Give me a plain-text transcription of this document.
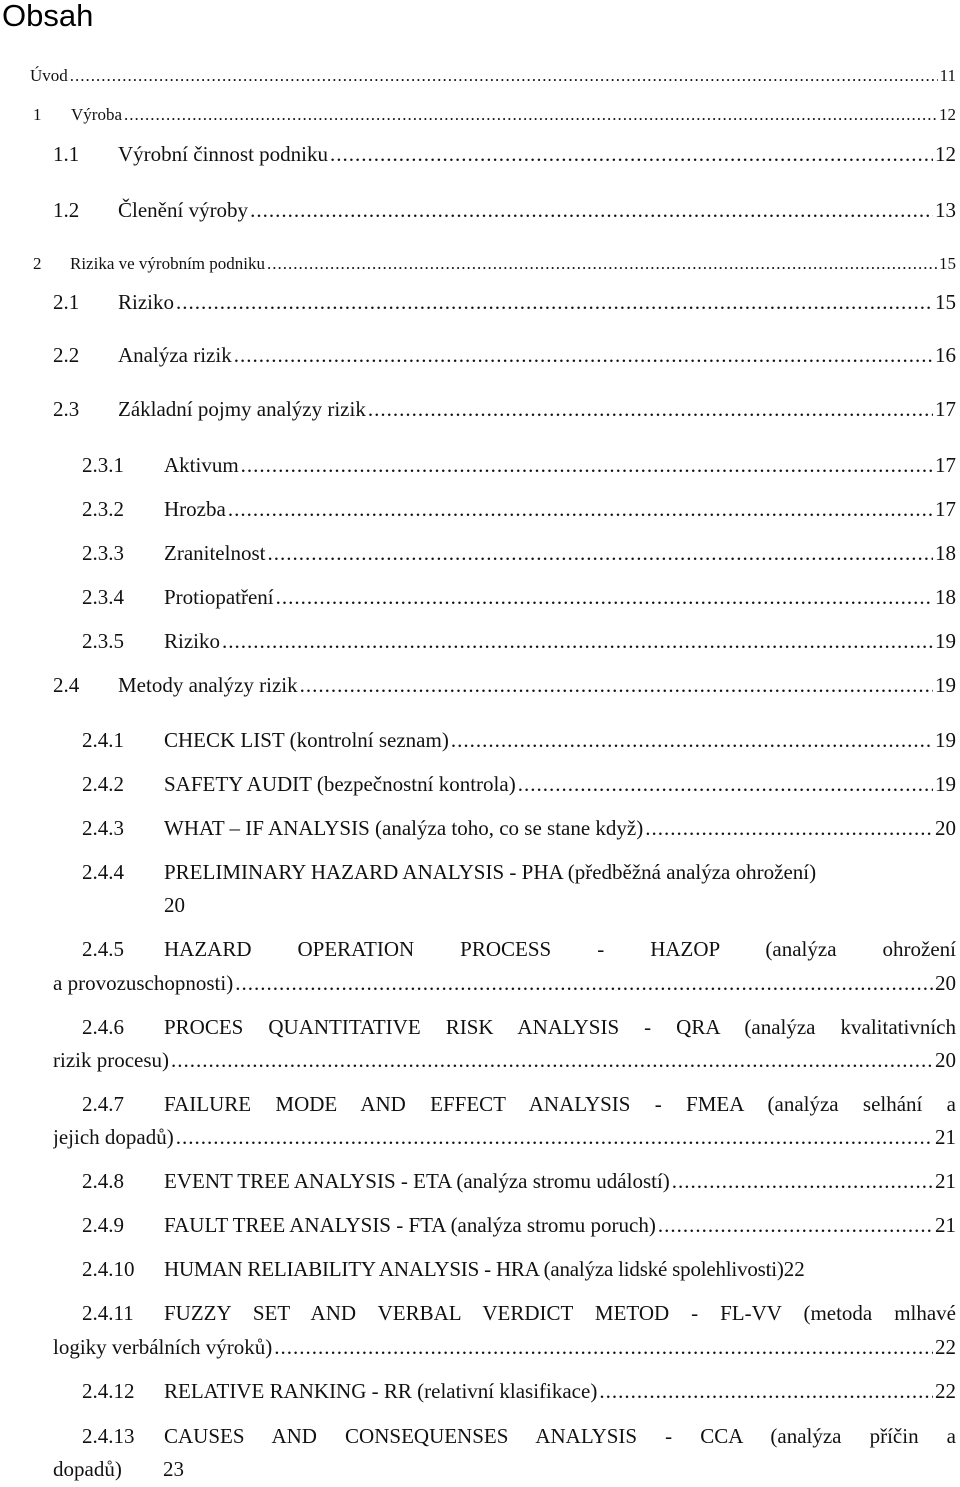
Obsah
Úvod .....	11
1	Výroba .....	12
1.1	Výrobní činnost podniku .....	12
1.2	Členění výroby .....	13
2	Rizika ve výrobním podniku .....	15
2.1	Riziko .....	15
2.2	Analýza rizik .....	16
2.3	Základní pojmy analýzy rizik .....	17
2.3.1	Aktivum .....	17
2.3.2	Hrozba .....	17
2.3.3	Zranitelnost .....	18
2.3.4	Protiopatření .....	18
2.3.5	Riziko .....	19
2.4	Metody analýzy rizik .....	19
2.4.1	CHECK LIST (kontrolní seznam) .....	19
2.4.2	SAFETY AUDIT (bezpečnostní kontrola) .....	19
2.4.3	WHAT – IF ANALYSIS (analýza toho, co se stane když) .....	20
2.4.4	PRELIMINARY HAZARD ANALYSIS - PHA (předběžná analýza ohrožení)
20
2.4.5	HAZARD OPERATION PROCESS - HAZOP (analýza ohrožení
a provozuschopnosti) .....	20
2.4.6	PROCES QUANTITATIVE RISK ANALYSIS - QRA (analýza kvalitativních
rizik procesu) .....	20
2.4.7	FAILURE MODE AND EFFECT ANALYSIS - FMEA (analýza selhání a
jejich dopadů) .....	21
2.4.8	EVENT TREE ANALYSIS - ETA (analýza stromu událostí) .....	21
2.4.9	FAULT TREE ANALYSIS - FTA (analýza stromu poruch) .....	21
2.4.10	HUMAN RELIABILITY ANALYSIS - HRA (analýza lidské spolehlivosti) 22
2.4.11	FUZZY SET AND VERBAL VERDICT METOD - FL-VV (metoda mlhavé
logiky verbálních výroků) .....	22
2.4.12	RELATIVE RANKING - RR (relativní klasifikace) .....	22
2.4.13	CAUSES AND CONSEQUENSES ANALYSIS - CCA (analýza příčin a
dopadů)	23
